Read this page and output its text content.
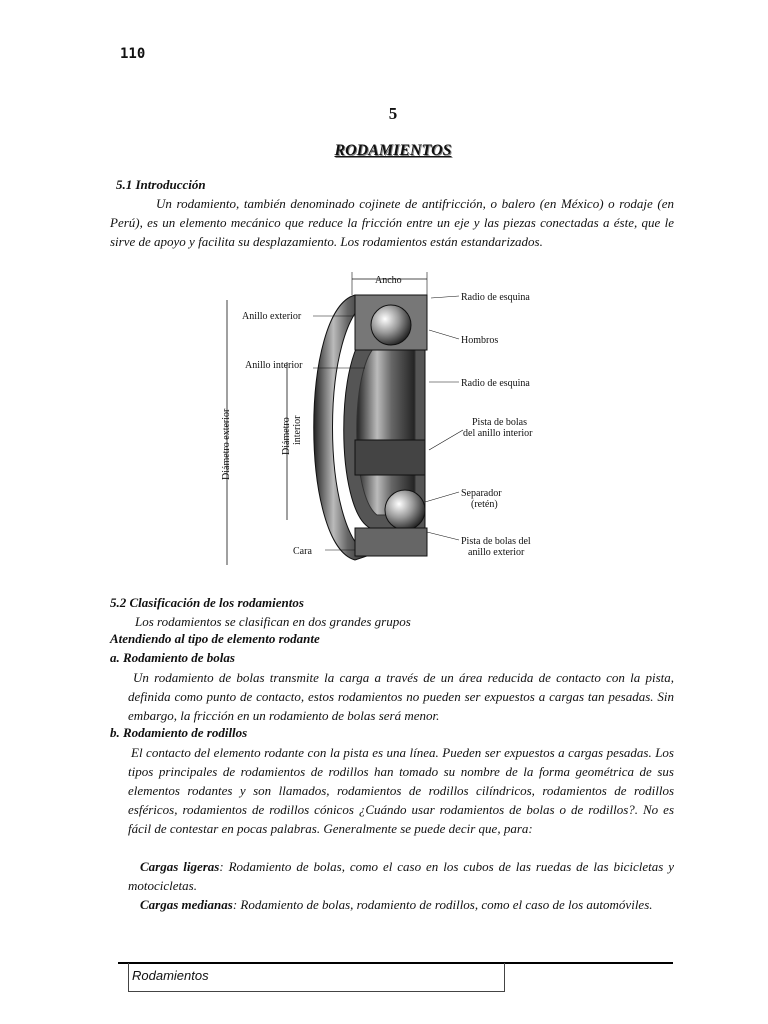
110
5
RODAMIENTOS
5.1 Introducción
Un rodamiento, también denominado cojinete de antifricción, o balero (en México) o rodaje (en Perú), es un elemento mecánico que reduce la fricción entre un eje y las piezas conectadas a éste, que le sirve de apoyo y facilita su desplazamiento. Los rodamientos están estandarizados.
Ancho
Radio de esquina
Anillo exterior
Hombros
Anillo interior
Radio de esquina
Pista de bolas
del anillo interior
Separador
(retén)
Cara
Pista de bolas del
anillo exterior
Diámetro exterior	Diámetro interior
5.2 Clasificación de los rodamientos
Los rodamientos se clasifican en dos grandes grupos
Atendiendo al tipo de elemento rodante
a. Rodamiento de bolas
Un rodamiento de bolas transmite la carga a través de un área reducida de contacto con la pista, definida como punto de contacto, estos rodamientos no pueden ser expuestos a cargas tan pesadas. Sin embargo, la fricción en un rodamiento de bolas será menor.
b. Rodamiento de rodillos
El contacto del elemento rodante con la pista es una línea. Pueden ser expuestos a cargas pesadas. Los tipos principales de rodamientos de rodillos han tomado su nombre de la forma geométrica de sus elementos rodantes y son llamados, rodamientos de rodillos cilíndricos, rodamientos de rodillos esféricos, rodamientos de rodillos cónicos ¿Cuándo usar rodamientos de bolas o de rodillos?. No es fácil de contestar en pocas palabras. Generalmente se puede decir que, para:
Cargas ligeras: Rodamiento de bolas, como el caso en los cubos de las ruedas de las bicicletas y motocicletas.
Cargas medianas: Rodamiento de bolas, rodamiento de rodillos, como el caso de los automóviles.
Rodamientos
